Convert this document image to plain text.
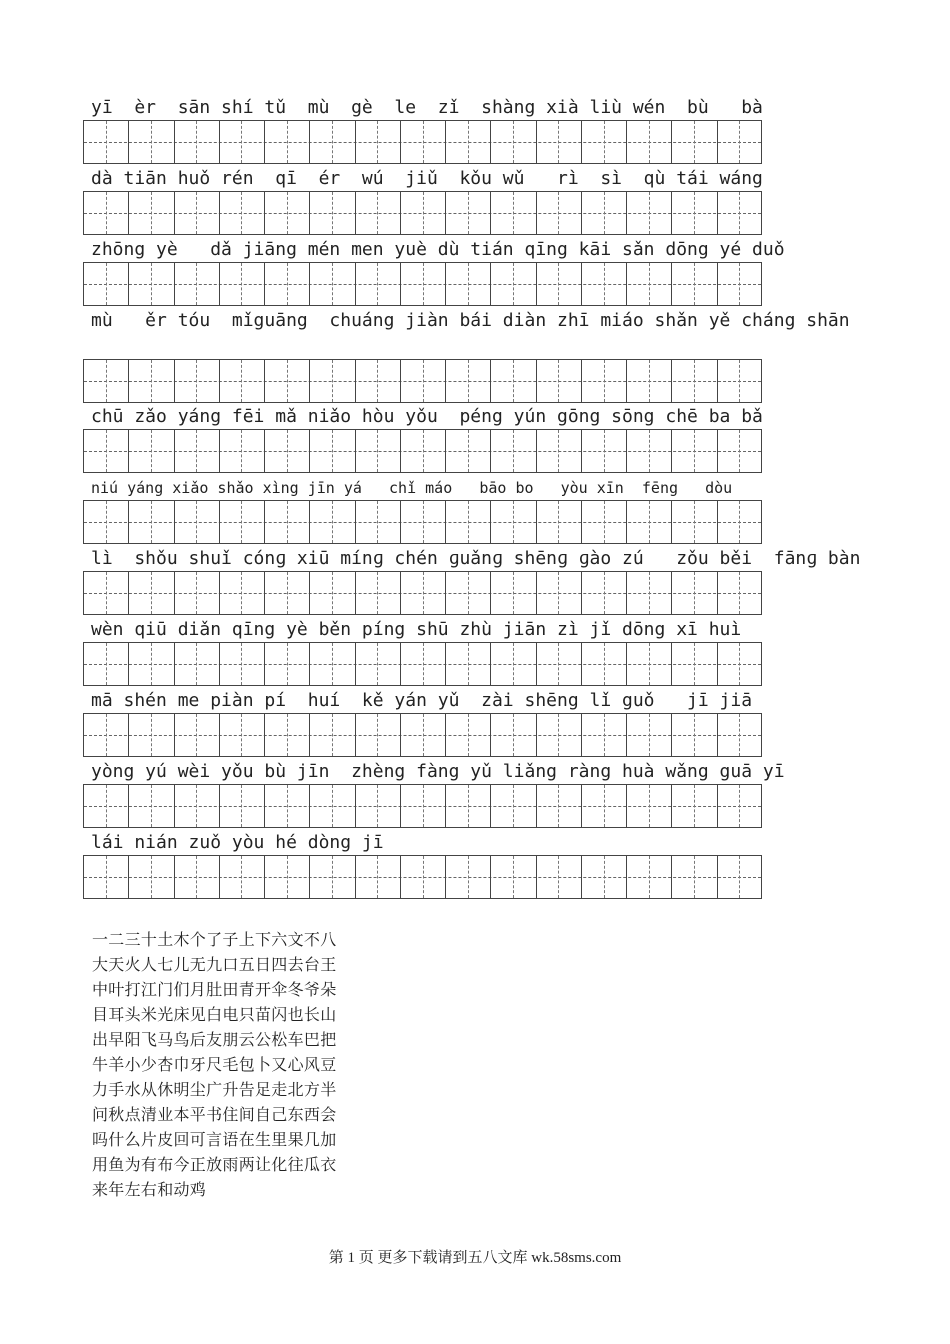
yī  èr  sān shí tǔ  mù  gè  le  zǐ  shàng xià liù wén  bù   bà
dà tiān huǒ rén  qī  ér  wú  jiǔ  kǒu wǔ   rì  sì  qù tái wáng
zhōng yè   dǎ jiāng mén men yuè dù tián qīng kāi sǎn dōng yé duǒ
mù   ěr tóu  mǐguāng  chuáng jiàn bái diàn zhī miáo shǎn yě cháng shān
chū zǎo yáng fēi mǎ niǎo hòu yǒu  péng yún gōng sōng chē ba bǎ
niú yáng xiǎo shǎo xìng jīn yá   chǐ máo   bāo bo   yòu xīn  fēng   dòu
lì  shǒu shuǐ cónɡ xiū mínɡ chén ɡuǎnɡ shēnɡ ɡào zú   zǒu běi  fānɡ bàn
wèn qiū diǎn qīng yè běn píng shū zhù jiān zì jǐ dōng xī huì
mā shén me piàn pí  huí  kě yán yǔ  zài shēng lǐ guǒ   jī jiā
yòng yú wèi yǒu bù jīn  zhèng fàng yǔ liǎng ràng huà wǎng guā yī
lái nián zuǒ yòu hé dòng jī
一二三十土木个了子上下六文不八
大天火人七儿无九口五日四去台王
中叶打江门们月肚田青开伞冬爷朵
目耳头米光床见白电只苗闪也长山
出早阳飞马鸟后友朋云公松车巴把
牛羊小少杏巾牙尺毛包卜又心风豆
力手水从休明尘广升告足走北方半
问秋点清业本平书住间自己东西会
吗什么片皮回可言语在生里果几加
用鱼为有布今正放雨两让化往瓜衣
来年左右和动鸡
第 1 页 更多下载请到五八文库 wk.58sms.com
